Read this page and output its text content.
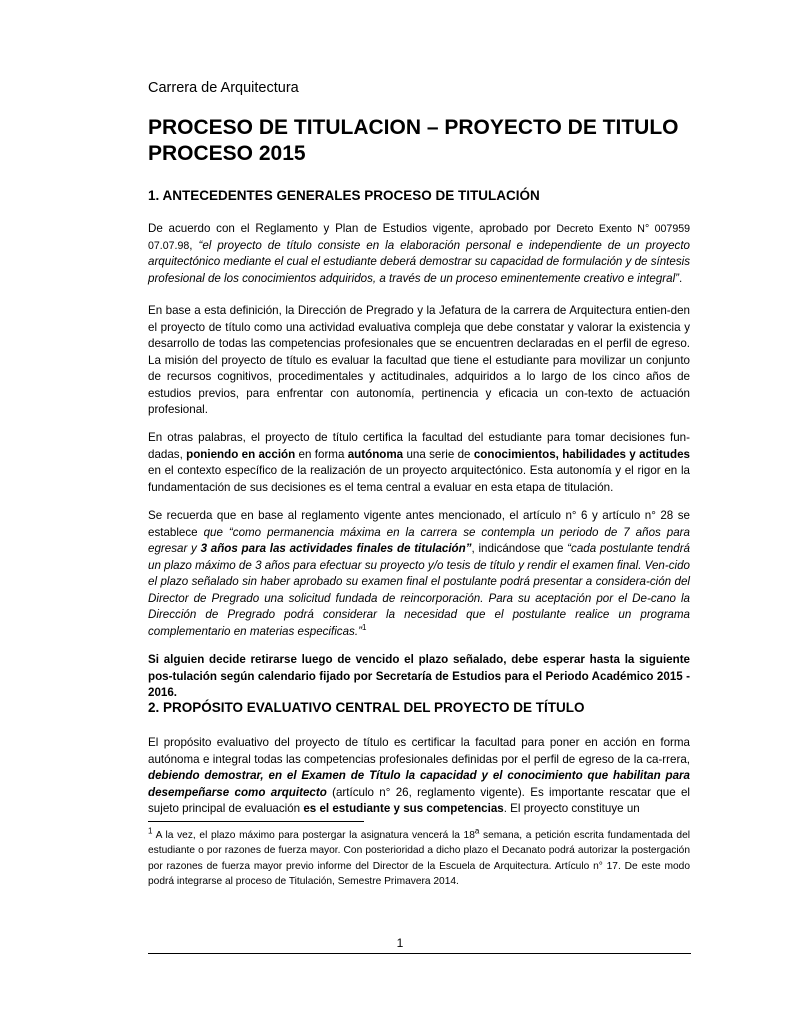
Carrera de Arquitectura
PROCESO DE TITULACION – PROYECTO DE TITULO
PROCESO 2015
1. ANTECEDENTES GENERALES PROCESO DE TITULACIÓN
De acuerdo con el Reglamento y Plan de Estudios vigente, aprobado por Decreto Exento N° 007959 07.07.98, “el proyecto de título consiste en la elaboración personal e independiente de un proyecto arquitectónico mediante el cual el estudiante deberá demostrar su capacidad de formulación y de síntesis profesional de los conocimientos adquiridos, a través de un proceso eminentemente creativo e integral”.
En base a esta definición, la Dirección de Pregrado y la Jefatura de la carrera de Arquitectura entien-den el proyecto de título como una actividad evaluativa compleja que debe constatar y valorar la existencia y desarrollo de todas las competencias profesionales que se encuentren declaradas en el perfil de egreso. La misión del proyecto de título es evaluar la facultad que tiene el estudiante para movilizar un conjunto de recursos cognitivos, procedimentales y actitudinales, adquiridos a lo largo de los cinco años de estudios previos, para enfrentar con autonomía, pertinencia y eficacia un con-texto de actuación profesional.
En otras palabras, el proyecto de título certifica la facultad del estudiante para tomar decisiones fun-dadas, poniendo en acción en forma autónoma una serie de conocimientos, habilidades y actitudes en el contexto específico de la realización de un proyecto arquitectónico. Esta autonomía y el rigor en la fundamentación de sus decisiones es el tema central a evaluar en esta etapa de titulación.
Se recuerda que en base al reglamento vigente antes mencionado, el artículo n° 6 y artículo n° 28 se establece que “como permanencia máxima en la carrera se contempla un periodo de 7 años para egresar y 3 años para las actividades finales de titulación”, indicándose que “cada postulante tendrá un plazo máximo de 3 años para efectuar su proyecto y/o tesis de título y rendir el examen final. Ven-cido el plazo señalado sin haber aprobado su examen final el postulante podrá presentar a considera-ción del Director de Pregrado una solicitud fundada de reincorporación. Para su aceptación por el De-cano la Dirección de Pregrado podrá considerar la necesidad que el postulante realice un programa complementario en materias especificas.”$^1$
Si alguien decide retirarse luego de vencido el plazo señalado, debe esperar hasta la siguiente pos-tulación según calendario fijado por Secretaría de Estudios para el Periodo Académico 2015 - 2016.
2. PROPÓSITO EVALUATIVO CENTRAL DEL PROYECTO DE TÍTULO
El propósito evaluativo del proyecto de título es certificar la facultad para poner en acción en forma autónoma e integral todas las competencias profesionales definidas por el perfil de egreso de la ca-rrera, debiendo demostrar, en el Examen de Título la capacidad y el conocimiento que habilitan para desempeñarse como arquitecto (artículo n° 26, reglamento vigente). Es importante rescatar que el sujeto principal de evaluación es el estudiante y sus competencias. El proyecto constituye un
$^1$ A la vez, el plazo máximo para postergar la asignatura vencerá la 18$^a$ semana, a petición escrita fundamentada del estudiante o por razones de fuerza mayor. Con posterioridad a dicho plazo el Decanato podrá autorizar la postergación por razones de fuerza mayor previo informe del Director de la Escuela de Arquitectura. Artículo n° 17. De este modo podrá integrarse al proceso de Titulación, Semestre Primavera 2014.
1
